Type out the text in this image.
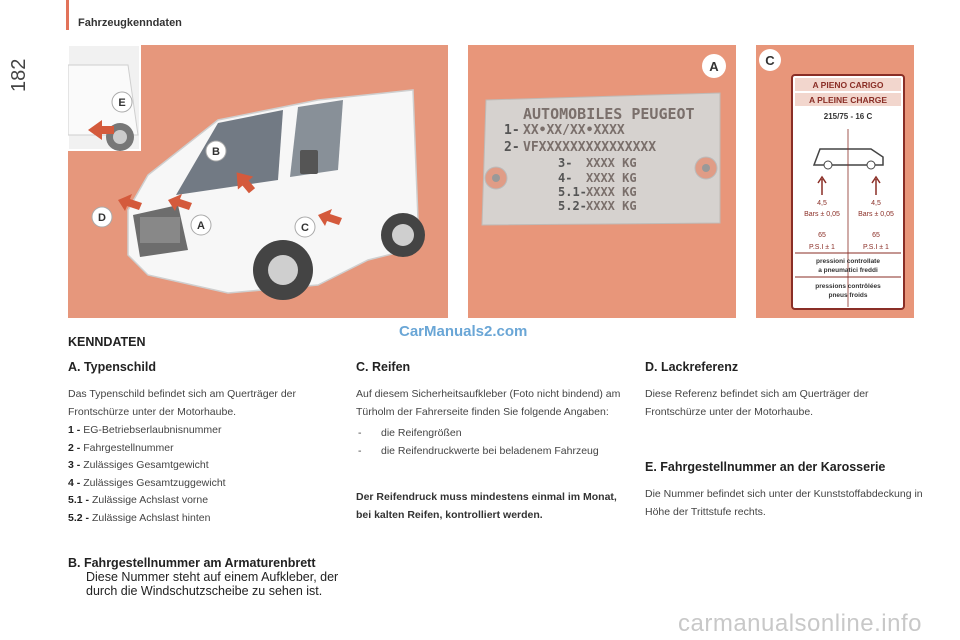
182
Fahrzeugkenndaten
E
B
D
A	C
A
AUTOMOBILES PEUGEOT
1- XX•XX/XX•XXXX
2- VFXXXXXXXXXXXXXXX
3- XXXX KG
4- XXXX KG
5.1- XXXX KG
5.2- XXXX KG
C
A PIENO CARIGO
A PLEINE CHARGE
215/75 - 16 C
4,5	4,5
Bars ± 0,05	Bars ± 0,05
65	65
P.S.I ± 1	P.S.I ± 1
pressioni controllate
a pneumatici freddi
pressions contrôlées
pneus froids
CarManuals2.com
KENNDATEN
A. Typenschild

Das Typenschild befindet sich am Querträger der Frontschürze unter der Motorhaube.

1 - EG-Betriebserlaubnisnummer
2 - Fahrgestellnummer
3 - Zulässiges Gesamtgewicht
4 - Zulässiges Gesamtzuggewicht
5.1 - Zulässige Achslast vorne
5.2 - Zulässige Achslast hinten
B. Fahrgestellnummer am Armaturenbrett
Diese Nummer steht auf einem Aufkleber, der durch die Windschutzscheibe zu sehen ist.
C. Reifen

Auf diesem Sicherheitsaufkleber (Foto nicht bindend) am Türholm der Fahrerseite finden Sie folgende Angaben:

- die Reifengrößen
- die Reifendruckwerte bei beladenem Fahrzeug

Der Reifendruck muss mindestens einmal im Monat, bei kalten Reifen, kontrolliert werden.

D. Lackreferenz

Diese Referenz befindet sich am Querträger der Frontschürze unter der Motorhaube.

E. Fahrgestellnummer an der Karosserie

Die Nummer befindet sich unter der Kunststoffabdeckung in Höhe der Trittstufe rechts.

carmanualsonline.info
